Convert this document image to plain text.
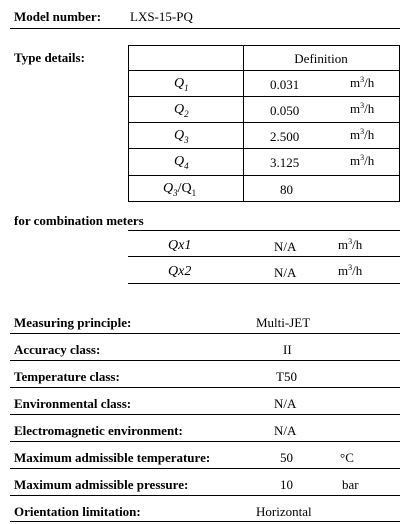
Model number: LXS-15-PQ
Type details:	Definition
$Q_1$	0.031	$m^3/h$
$Q_2$	0.050	$m^3/h$
$Q_3$	2.500	$m^3/h$
$Q_4$	3.125	$m^3/h$
$Q_3/Q_1$	80
for combination meters
Qx1	N/A	$m^3/h$
Qx2	N/A	$m^3/h$
Measuring principle:	Multi-JET
Accuracy class:	II
Temperature class:	T50
Environmental class:	N/A
Electromagnetic environment:	N/A
Maximum admissible temperature:	50	°C
Maximum admissible pressure:	10	bar
Orientation limitation:	Horizontal
